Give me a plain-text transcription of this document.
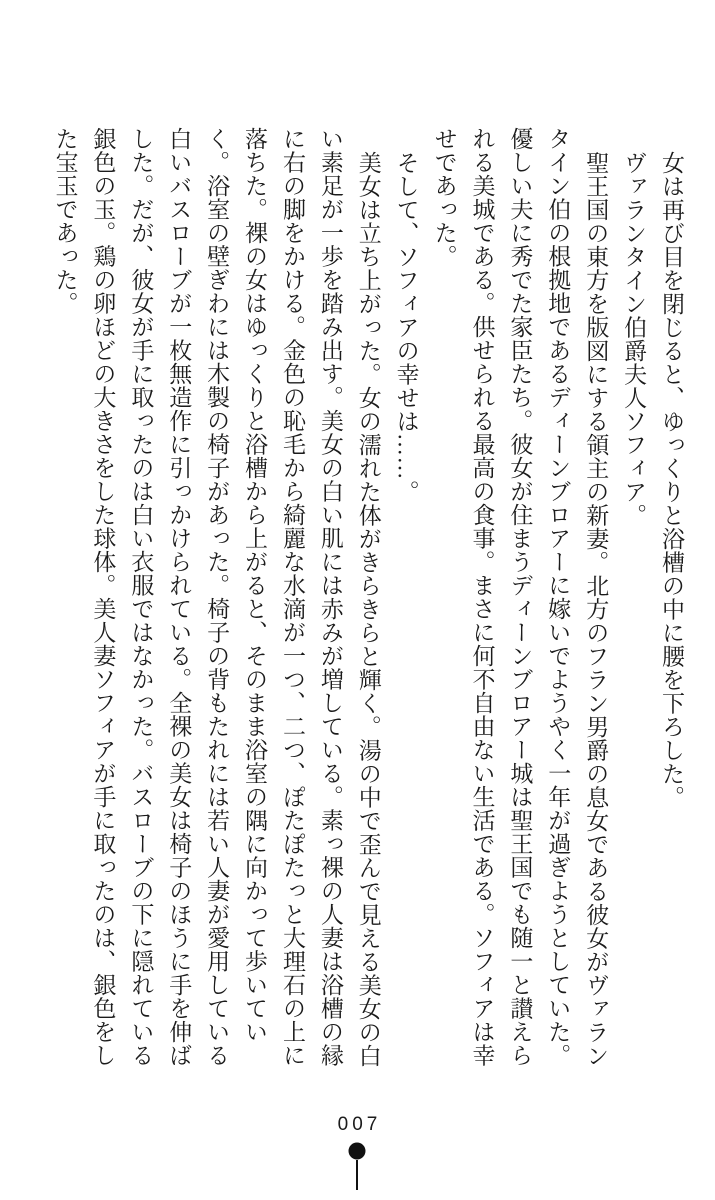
女は再び目を閉じると、ゆっくりと浴槽の中に腰を下ろした。

ヴァランタイン伯爵夫人ソフィア。

聖王国の東方を版図にする領主の新妻。北方のフラン男爵の息女である彼女がヴァランタイン伯の根拠地であるディーンブロアーに嫁いでようやく一年が過ぎようとしていた。優しい夫に秀でた家臣たち。彼女が住まうディーンブロアー城は聖王国でも随一と讃えられる美城である。供せられる最高の食事。まさに何不自由ない生活である。ソフィアは幸せであった。

そして、ソフィアの幸せは……。

美女は立ち上がった。女の濡れた体がきらきらと輝く。湯の中で歪んで見える美女の白い素足が一歩を踏み出す。美女の白い肌には赤みが増している。素っ裸の人妻は浴槽の縁に右の脚をかける。金色の恥毛から綺麗な水滴が一つ、二つ、ぽたぽたっと大理石の上に落ちた。裸の女はゆっくりと浴槽から上がると、そのまま浴室の隅に向かって歩いていく。浴室の壁ぎわには木製の椅子があった。椅子の背もたれには若い人妻が愛用している白いバスローブが一枚無造作に引っかけられている。全裸の美女は椅子のほうに手を伸ばした。だが、彼女が手に取ったのは白い衣服ではなかった。バスローブの下に隠れている銀色の玉。鶏の卵ほどの大きさをした球体。美人妻ソフィアが手に取ったのは、銀色をした宝玉であった。

007
